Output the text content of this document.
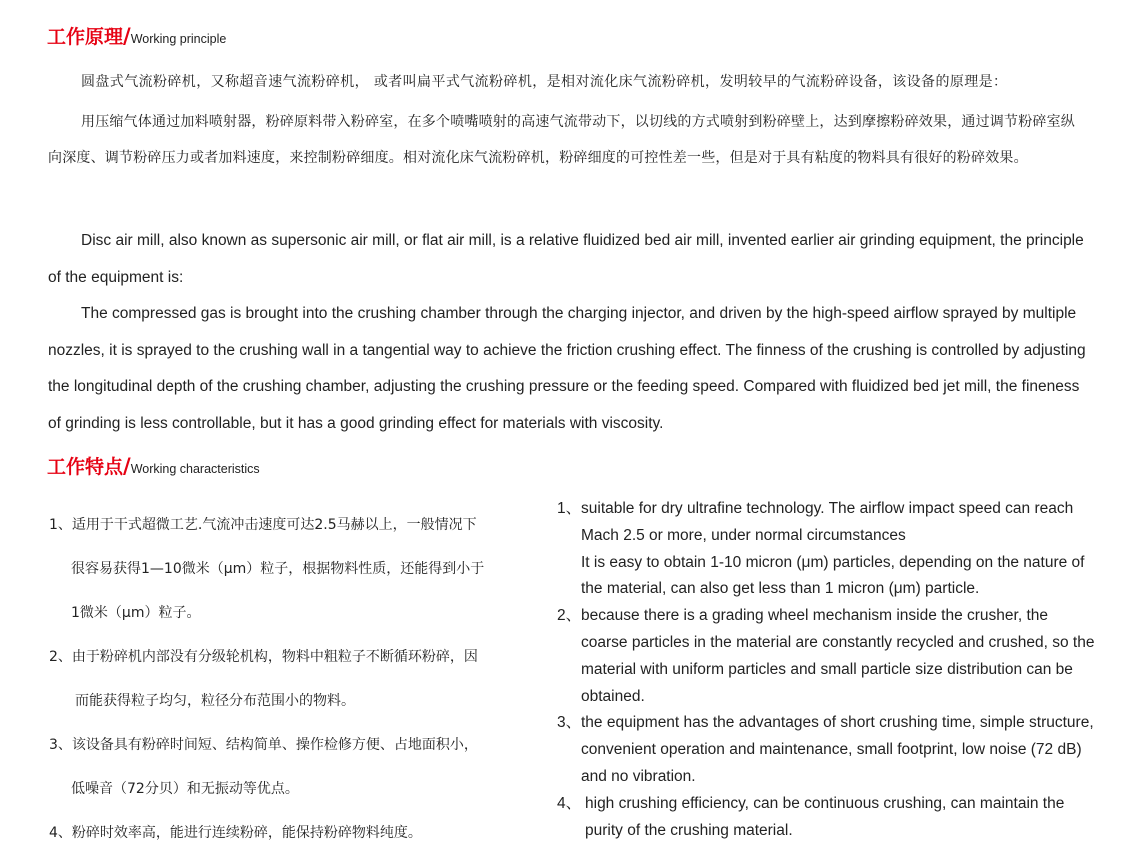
工作原理/Working principle

圆盘式气流粉碎机，又称超音速气流粉碎机， 或者叫扁平式气流粉碎机，是相对流化床气流粉碎机，发明较早的气流粉碎设备，该设备的原理是：

用压缩气体通过加料喷射器，粉碎原料带入粉碎室，在多个喷嘴喷射的高速气流带动下，以切线的方式喷射到粉碎壁上，达到摩擦粉碎效果，通过调节粉碎室纵向深度、调节粉碎压力或者加料速度，来控制粉碎细度。相对流化床气流粉碎机，粉碎细度的可控性差一些，但是对于具有粘度的物料具有很好的粉碎效果。

Disc air mill, also known as supersonic air mill, or flat air mill, is a relative fluidized bed air mill, invented earlier air grinding equipment, the principle of the equipment is:

The compressed gas is brought into the crushing chamber through the charging injector, and driven by the high-speed airflow sprayed by multiple nozzles, it is sprayed to the crushing wall in a tangential way to achieve the friction crushing effect. The finness of the crushing is controlled by adjusting the longitudinal depth of the crushing chamber, adjusting the crushing pressure or the feeding speed. Compared with fluidized bed jet mill, the fineness of grinding is less controllable, but it has a good grinding effect for materials with viscosity.

工作特点/Working characteristics
1、适用于干式超微工艺.气流冲击速度可达2.5马赫以上，一般情况下
很容易获得1—10微米（μm）粒子，根据物料性质，还能得到小于
1微米（μm）粒子。
2、由于粉碎机内部没有分级轮机构，物料中粗粒子不断循环粉碎，因
而能获得粒子均匀，粒径分布范围小的物料。
3、该设备具有粉碎时间短、结构简单、操作检修方便、占地面积小，
低噪音（72分贝）和无振动等优点。
4、粉碎时效率高，能进行连续粉碎，能保持粉碎物料纯度。
1、 suitable for dry ultrafine technology. The airflow impact speed can reach Mach 2.5 or more, under normal circumstances
It is easy to obtain 1-10 micron (μm) particles, depending on the nature of the material, can also get less than 1 micron (μm) particle.
2、 because there is a grading wheel mechanism inside the crusher, the coarse particles in the material are constantly recycled and crushed, so the material with uniform particles and small particle size distribution can be obtained.
3、 the equipment has the advantages of short crushing time, simple structure, convenient operation and maintenance, small footprint, low noise (72 dB) and no vibration.
4、 high crushing efficiency, can be continuous crushing, can maintain the purity of the crushing material.
